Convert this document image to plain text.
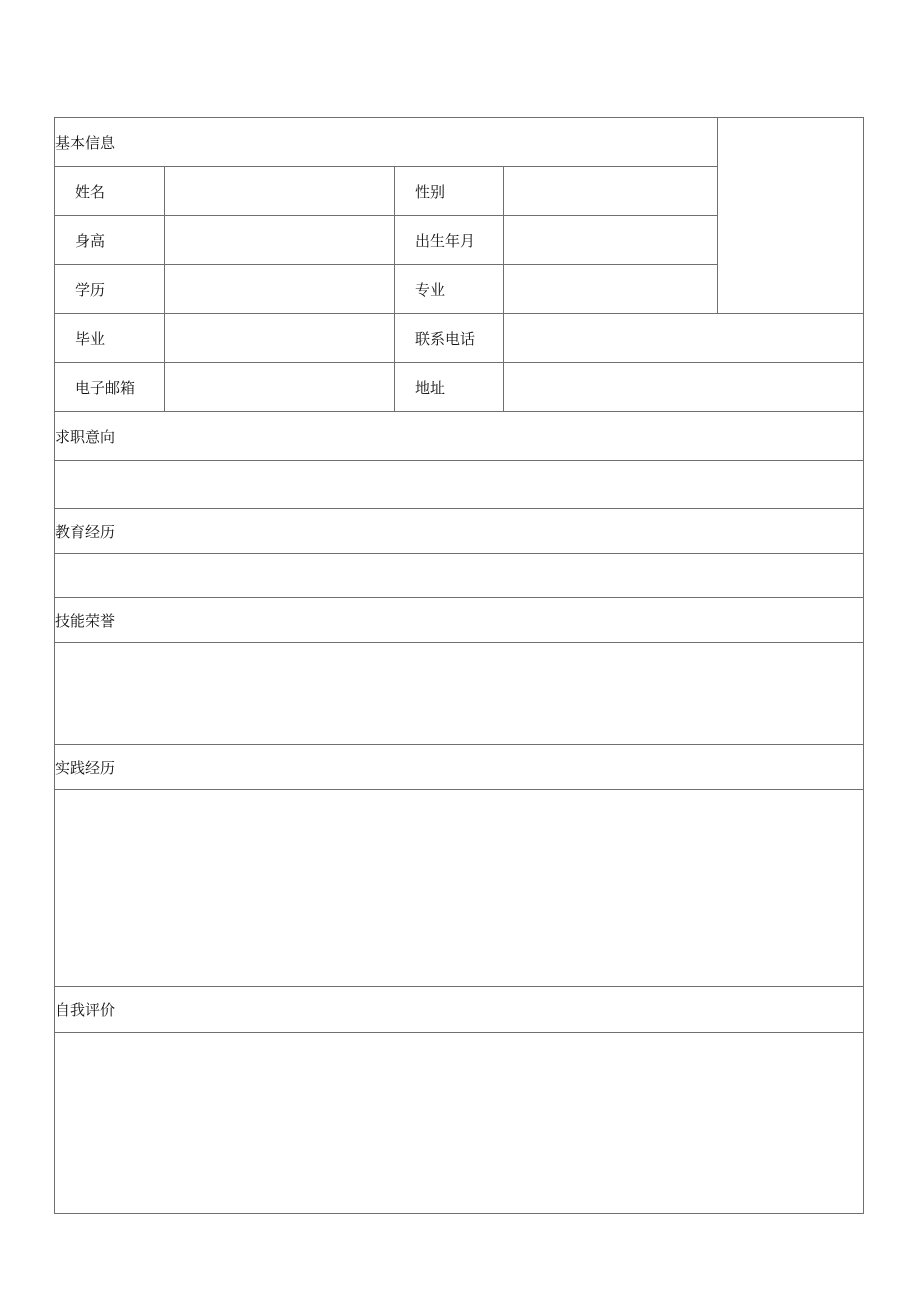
基本信息
姓名	性别
身高	出生年月
学历	专业
毕业	联系电话
电子邮箱	地址
求职意向
教育经历
技能荣誉
实践经历
自我评价
